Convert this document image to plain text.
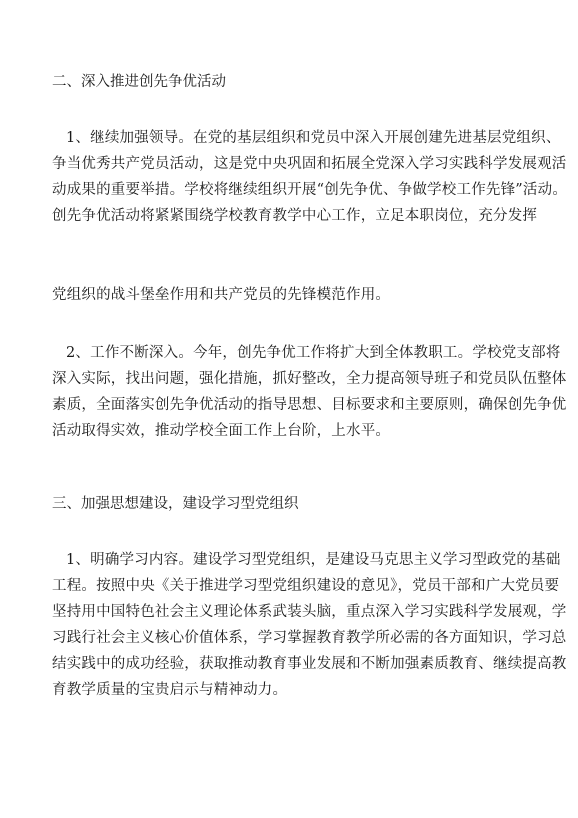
二、深入推进创先争优活动
1、继续加强领导。在党的基层组织和党员中深入开展创建先进基层党组织、
争当优秀共产党员活动，这是党中央巩固和拓展全党深入学习实践科学发展观活
动成果的重要举措。学校将继续组织开展“创先争优、争做学校工作先锋”活动。
创先争优活动将紧紧围绕学校教育教学中心工作，立足本职岗位，充分发挥
党组织的战斗堡垒作用和共产党员的先锋模范作用。
2、工作不断深入。今年，创先争优工作将扩大到全体教职工。学校党支部将
深入实际，找出问题，强化措施，抓好整改，全力提高领导班子和党员队伍整体
素质，全面落实创先争优活动的指导思想、目标要求和主要原则，确保创先争优
活动取得实效，推动学校全面工作上台阶，上水平。
三、加强思想建设，建设学习型党组织
1、明确学习内容。建设学习型党组织，是建设马克思主义学习型政党的基础
工程。按照中央《关于推进学习型党组织建设的意见》，党员干部和广大党员要
坚持用中国特色社会主义理论体系武装头脑，重点深入学习实践科学发展观，学
习践行社会主义核心价值体系，学习掌握教育教学所必需的各方面知识，学习总
结实践中的成功经验，获取推动教育事业发展和不断加强素质教育、继续提高教
育教学质量的宝贵启示与精神动力。
